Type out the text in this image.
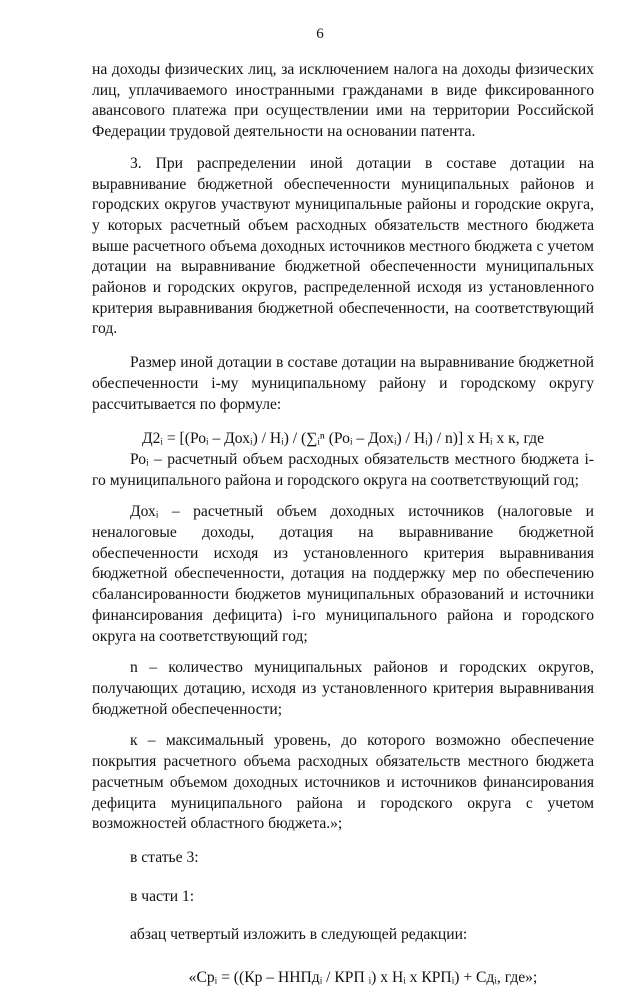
6

на доходы физических лиц, за исключением налога на доходы физических лиц, уплачиваемого иностранными гражданами в виде фиксированного авансового платежа при осуществлении ими на территории Российской Федерации трудовой деятельности на основании патента.

3. При распределении иной дотации в составе дотации на выравнивание бюджетной обеспеченности муниципальных районов и городских округов участвуют муниципальные районы и городские округа, у которых расчетный объем расходных обязательств местного бюджета выше расчетного объема доходных источников местного бюджета с учетом дотации на выравнивание бюджетной обеспеченности муниципальных районов и городских округов, распределенной исходя из установленного критерия выравнивания бюджетной обеспеченности, на соответствующий год.

Размер иной дотации в составе дотации на выравнивание бюджетной обеспеченности i-му муниципальному району и городскому округу рассчитывается по формуле:

Д2ᵢ = [(Роᵢ – Дохᵢ) / Нᵢ) / (∑ᵢⁿ (Роᵢ – Дохᵢ) / Нᵢ) / n)] х Нᵢ х к, где

Роᵢ – расчетный объем расходных обязательств местного бюджета i-го муниципального района и городского округа на соответствующий год;

Дохᵢ – расчетный объем доходных источников (налоговые и неналоговые доходы, дотация на выравнивание бюджетной обеспеченности исходя из установленного критерия выравнивания бюджетной обеспеченности, дотация на поддержку мер по обеспечению сбалансированности бюджетов муниципальных образований и источники финансирования дефицита) i-го муниципального района и городского округа на соответствующий год;

n – количество муниципальных районов и городских округов, получающих дотацию, исходя из установленного критерия выравнивания бюджетной обеспеченности;

к – максимальный уровень, до которого возможно обеспечение покрытия расчетного объема расходных обязательств местного бюджета расчетным объемом доходных источников и источников финансирования дефицита муниципального района и городского округа с учетом возможностей областного бюджета.»;

в статье 3:

в части 1:

абзац четвертый изложить в следующей редакции:

«Срᵢ = ((Кр – ННПдᵢ / КРП ᵢ) х Нᵢ х КРПᵢ) + Сдᵢ, где»;
